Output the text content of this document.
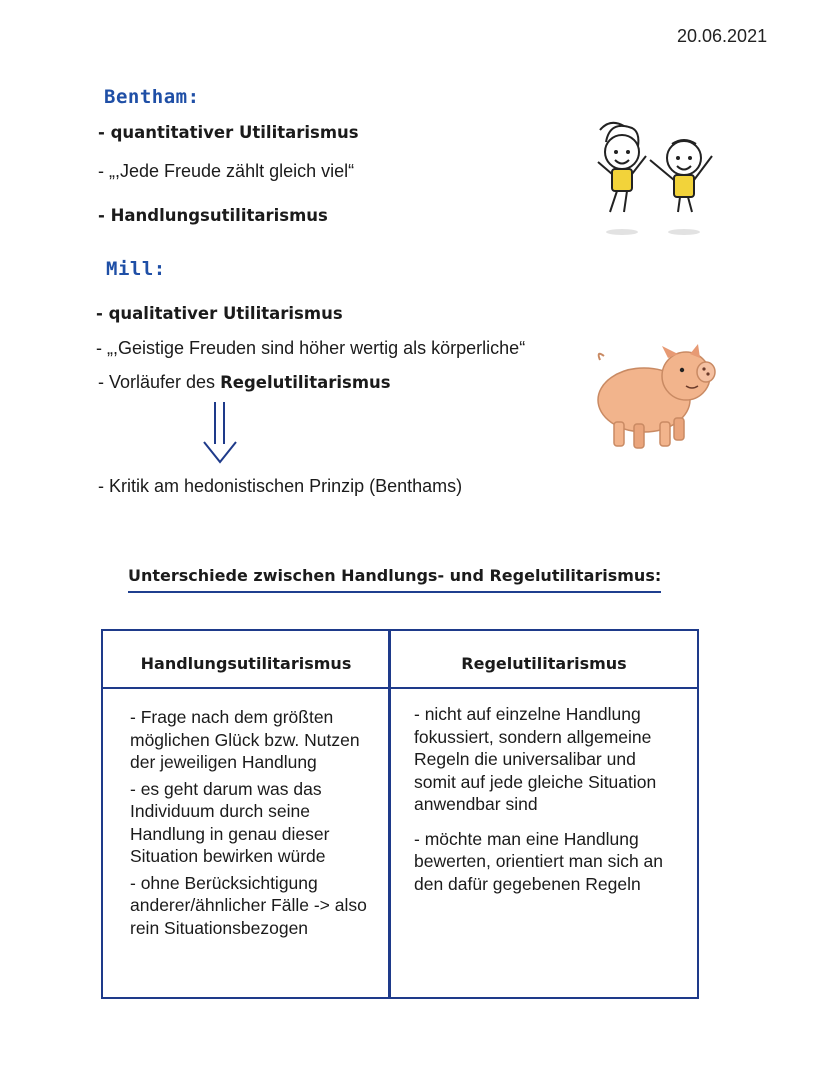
20.06.2021
Bentham:
- quantitativer Utilitarismus
- „,Jede Freude zählt gleich viel“
- Handlungsutilitarismus
Mill:
- qualitativer Utilitarismus
- „,Geistige Freuden sind höher wertig als körperliche“
- Vorläufer des Regelutilitarismus
- Kritik am hedonistischen Prinzip (Benthams)
Unterschiede zwischen Handlungs- und Regelutilitarismus:
Handlungsutilitarismus	Regelutilitarismus

- Frage nach dem größten möglichen Glück bzw. Nutzen der jeweiligen Handlung

- es geht darum was das Individuum durch seine Handlung in genau dieser Situation bewirken würde

- ohne Berücksichtigung anderer/ähnlicher Fälle -> also rein Situationsbezogen

- nicht auf einzelne Handlung fokussiert, sondern allgemeine Regeln die universalibar und somit auf jede gleiche Situation anwendbar sind

- möchte man eine Handlung bewerten, orientiert man sich an den dafür gegebenen Regeln
